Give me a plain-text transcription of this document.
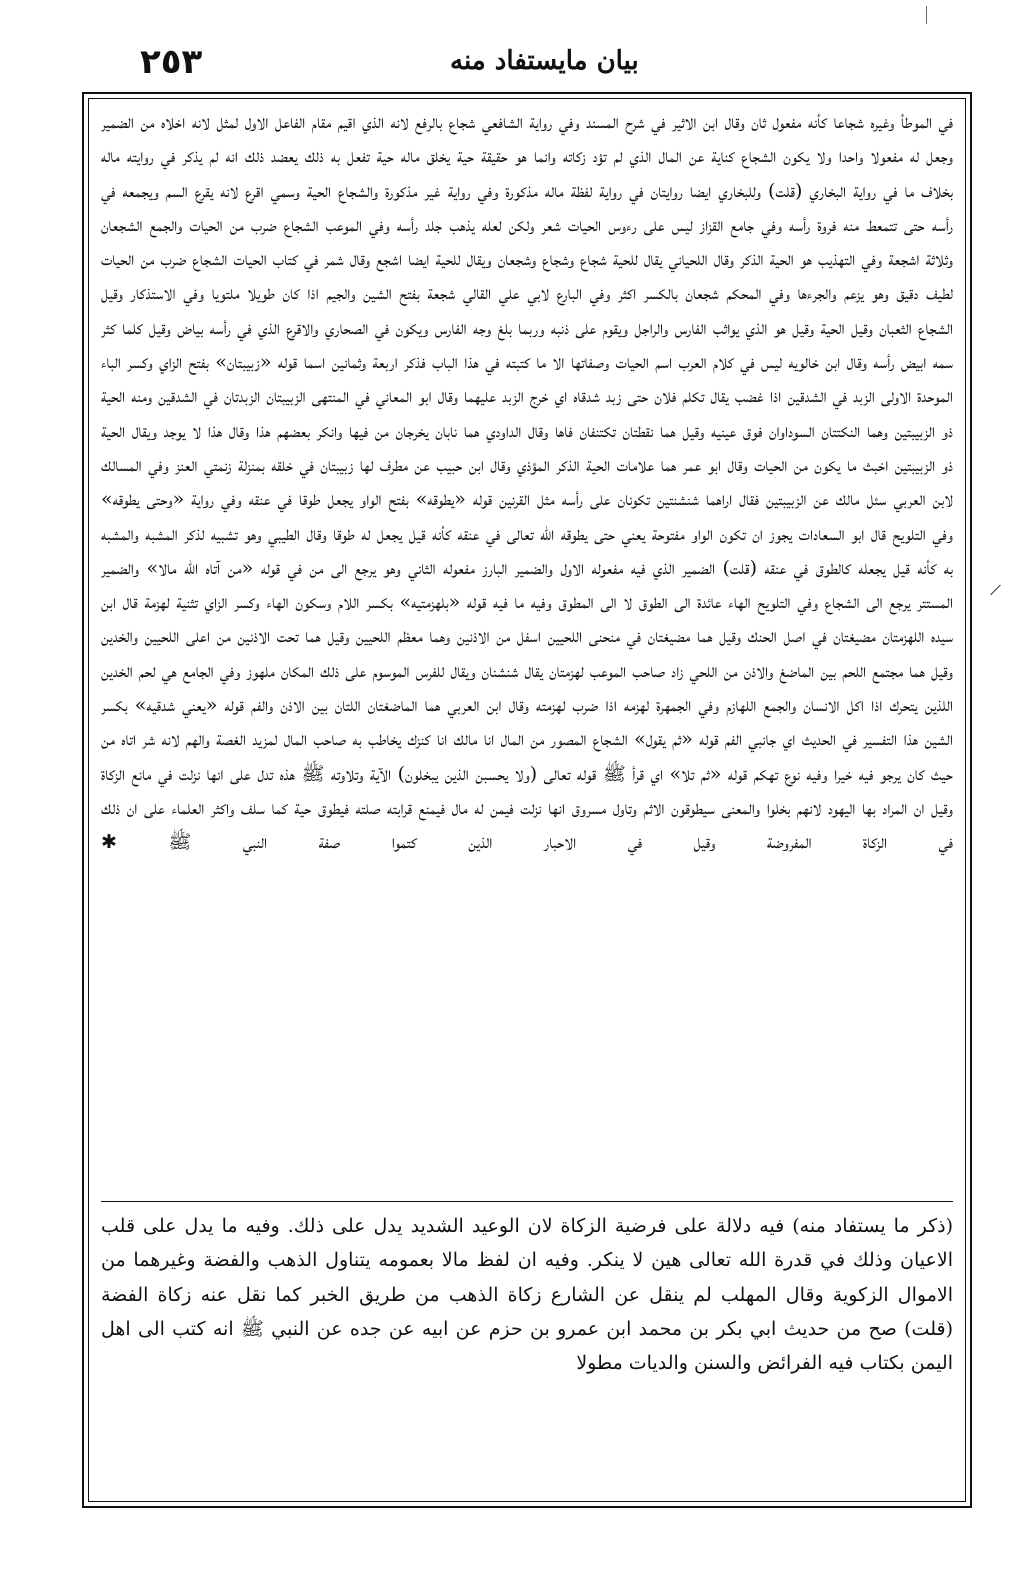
٢٥٣	بيان مايستفاد منه

في الموطأ وغيره شجاعا كأنه مفعول ثان وقال ابن الاثير في شرح المسند وفي رواية الشافعي شجاع بالرفع لانه الذي اقيم مقام الفاعل الاول لمثل لانه اخلاه من الضمير وجعل له مفعولا واحدا ولا يكون الشجاع كناية عن المال الذي لم تؤد زكاته وانما هو حقيقة حية يخلق ماله حية تفعل به ذلك يعضد ذلك انه لم يذكر في روايته ماله بخلاف ما في رواية البخاري (قلت) وللبخاري ايضا روايتان في رواية لفظة ماله مذكورة وفي رواية غير مذكورة والشجاع الحية وسمي اقرع لانه يقرع السم ويجمعه في رأسه حتى تتمعط منه فروة رأسه وفي جامع القزاز ليس على رءوس الحيات شعر ولكن لعله يذهب جلد رأسه وفي الموعب الشجاع ضرب من الحيات والجمع الشجعان وثلاثة اشجعة وفي التهذيب هو الحية الذكر وقال اللحياني يقال للحية شجاع وشجاع وشجعان ويقال للحية ايضا اشجع وقال شمر في كتاب الحيات الشجاع ضرب من الحيات لطيف دقيق وهو يزعم والجرءها وفي المحكم شجعان بالكسر اكثر وفي البارع لابي علي القالي شجعة بفتح الشين والجيم اذا كان طويلا ملتويا وفي الاستذكار وقيل الشجاع الثعبان وقيل الحية وقيل هو الذي يواثب الفارس والراجل ويقوم على ذنبه وربما بلغ وجه الفارس ويكون في الصحاري والاقرع الذي في رأسه بياض وقيل كلما كثر سمه ابيض رأسه وقال ابن خالويه ليس في كلام العرب اسم الحيات وصفاتها الا ما كتبته في هذا الباب فذكر اربعة وثمانين اسما قوله «زبيبتان» بفتح الزاي وكسر الباء الموحدة الاولى الزبد في الشدقين اذا غضب يقال تكلم فلان حتى زبد شدقاه اي خرج الزبد عليهما وقال ابو المعاني في المنتهى الزبيبتان الزبدتان في الشدقين ومنه الحية ذو الزبيبتين وهما النكتتان السوداوان فوق عينيه وقيل هما نقطتان تكتنفان فاها وقال الداودي هما نابان يخرجان من فيها وانكر بعضهم هذا وقال هذا لا يوجد ويقال الحية ذو الزبيبتين اخبث ما يكون من الحيات وقال ابو عمر هما علامات الحية الذكر المؤذي وقال ابن حبيب عن مطرف لها زبيبتان في خلقه بمنزلة زنمتي العنز وفي المسالك لابن العربي سئل مالك عن الزبيبتين فقال اراهما شنشنتين تكونان على رأسه مثل القرنين قوله «يطوقه» بفتح الواو يجعل طوقا في عنقه وفي رواية «وحتى يطوقه» وفي التلويح قال ابو السعادات يجوز ان تكون الواو مفتوحة يعني حتى يطوقه الله تعالى في عنقه كأنه قيل يجعل له طوقا وقال الطيبي وهو تشبيه لذكر المشبه والمشبه به كأنه قيل يجعله كالطوق في عنقه (قلت) الضمير الذي فيه مفعوله الاول والضمير البارز مفعوله الثاني وهو يرجع الى من في قوله «من آتاه الله مالا» والضمير المستتر يرجع الى الشجاع وفي التلويح الهاء عائدة الى الطوق لا الى المطوق وفيه ما فيه قوله «بلهزمتيه» بكسر اللام وسكون الهاء وكسر الزاي تثنية لهزمة قال ابن سيده اللهزمتان مضيغتان في اصل الحنك وقيل هما مضيغتان في منحنى اللحيين اسفل من الاذنين وهما معظم اللحيين وقيل هما تحت الاذنين من اعلى اللحيين والخدين وقيل هما مجتمع اللحم بين الماضغ والاذن من اللحي زاد صاحب الموعب لهزمتان يقال شنشنان ويقال للفرس الموسوم على ذلك المكان ملهوز وفي الجامع هي لحم الخدين اللذين يتحرك اذا اكل الانسان والجمع اللهازم وفي الجمهرة لهزمه اذا ضرب لهزمته وقال ابن العربي هما الماضغتان اللتان بين الاذن والفم قوله «يعني شدقيه» بكسر الشين هذا التفسير في الحديث اي جانبي الفم قوله «ثم يقول» الشجاع المصور من المال انا مالك انا كنزك يخاطب به صاحب المال لمزيد الغصة والهم لانه شر اتاه من حيث كان يرجو فيه خيرا وفيه نوع تهكم قوله «ثم تلا» اي قرأ ﷺ قوله تعالى (ولا يحسبن الذين يبخلون) الآية وتلاوته ﷺ هذه تدل على انها نزلت في مانع الزكاة وقيل ان المراد بها اليهود لانهم بخلوا والمعنى سيطوقون الاثم وتاول مسروق انها نزلت فيمن له مال فيمنع قرابته صلته فيطوق حية كما سلف واكثر العلماء على ان ذلك في الزكاة المفروضة وقيل في الاحبار الذين كتموا صفة النبي ﷺ ✱

(ذكر ما يستفاد منه) فيه دلالة على فرضية الزكاة لان الوعيد الشديد يدل على ذلك. وفيه ما يدل على قلب الاعيان وذلك في قدرة الله تعالى هين لا ينكر. وفيه ان لفظ مالا بعمومه يتناول الذهب والفضة وغيرهما من الاموال الزكوية وقال المهلب لم ينقل عن الشارع زكاة الذهب من طريق الخبر كما نقل عنه زكاة الفضة (قلت) صح من حديث ابي بكر بن محمد ابن عمرو بن حزم عن ابيه عن جده عن النبي ﷺ انه كتب الى اهل اليمن بكتاب فيه الفرائض والسنن والديات مطولا
